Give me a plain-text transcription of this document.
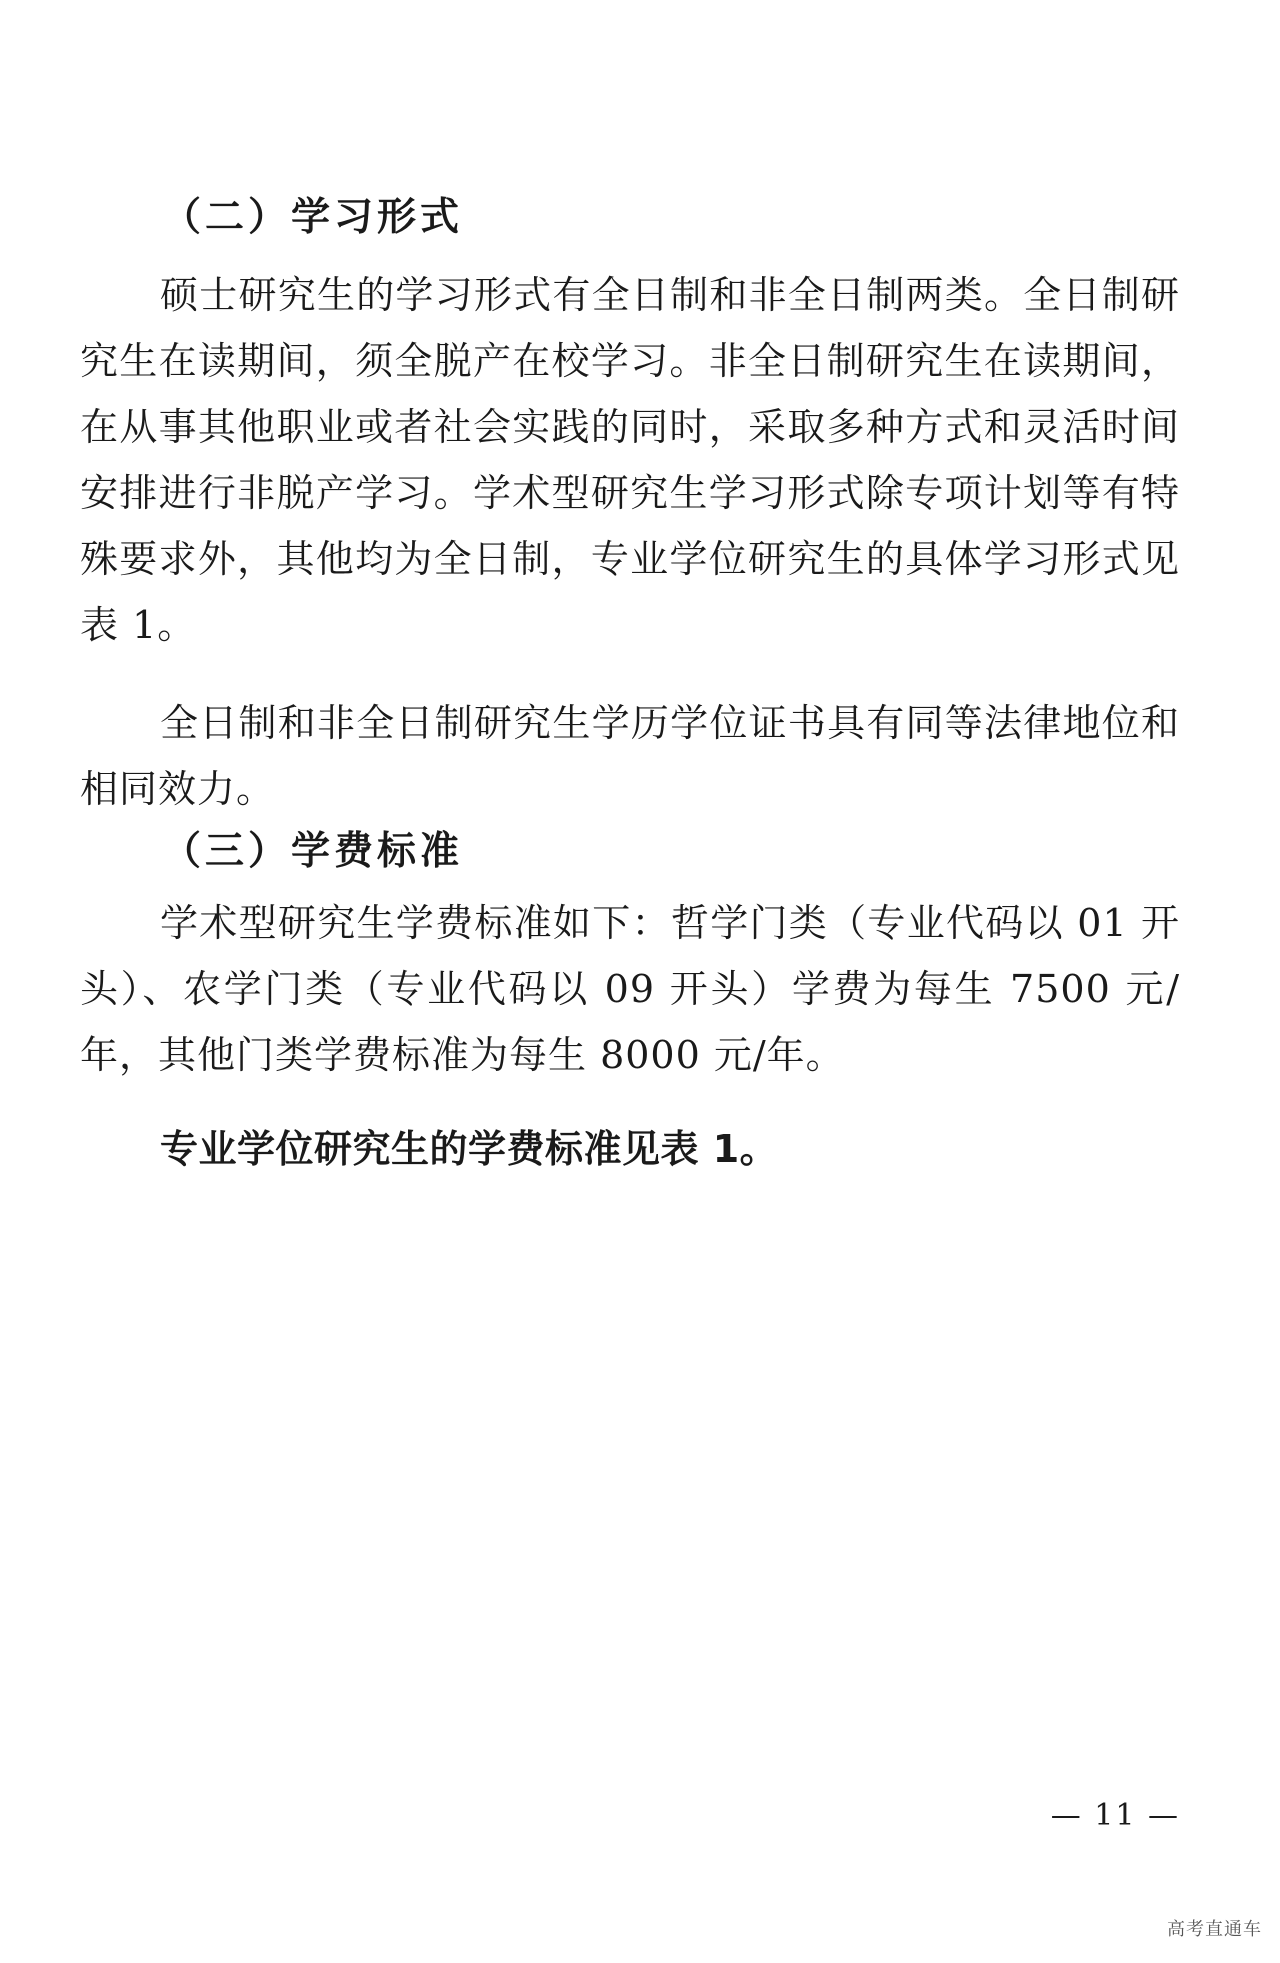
（二）学习形式

硕士研究生的学习形式有全日制和非全日制两类。全日制研究生在读期间，须全脱产在校学习。非全日制研究生在读期间，在从事其他职业或者社会实践的同时，采取多种方式和灵活时间安排进行非脱产学习。学术型研究生学习形式除专项计划等有特殊要求外，其他均为全日制，专业学位研究生的具体学习形式见表 1。

全日制和非全日制研究生学历学位证书具有同等法律地位和相同效力。

（三）学费标准

学术型研究生学费标准如下：哲学门类（专业代码以 01 开头）、农学门类（专业代码以 09 开头）学费为每生 7500 元/年，其他门类学费标准为每生 8000 元/年。

专业学位研究生的学费标准见表 1。

— 11 —
高考直通车
